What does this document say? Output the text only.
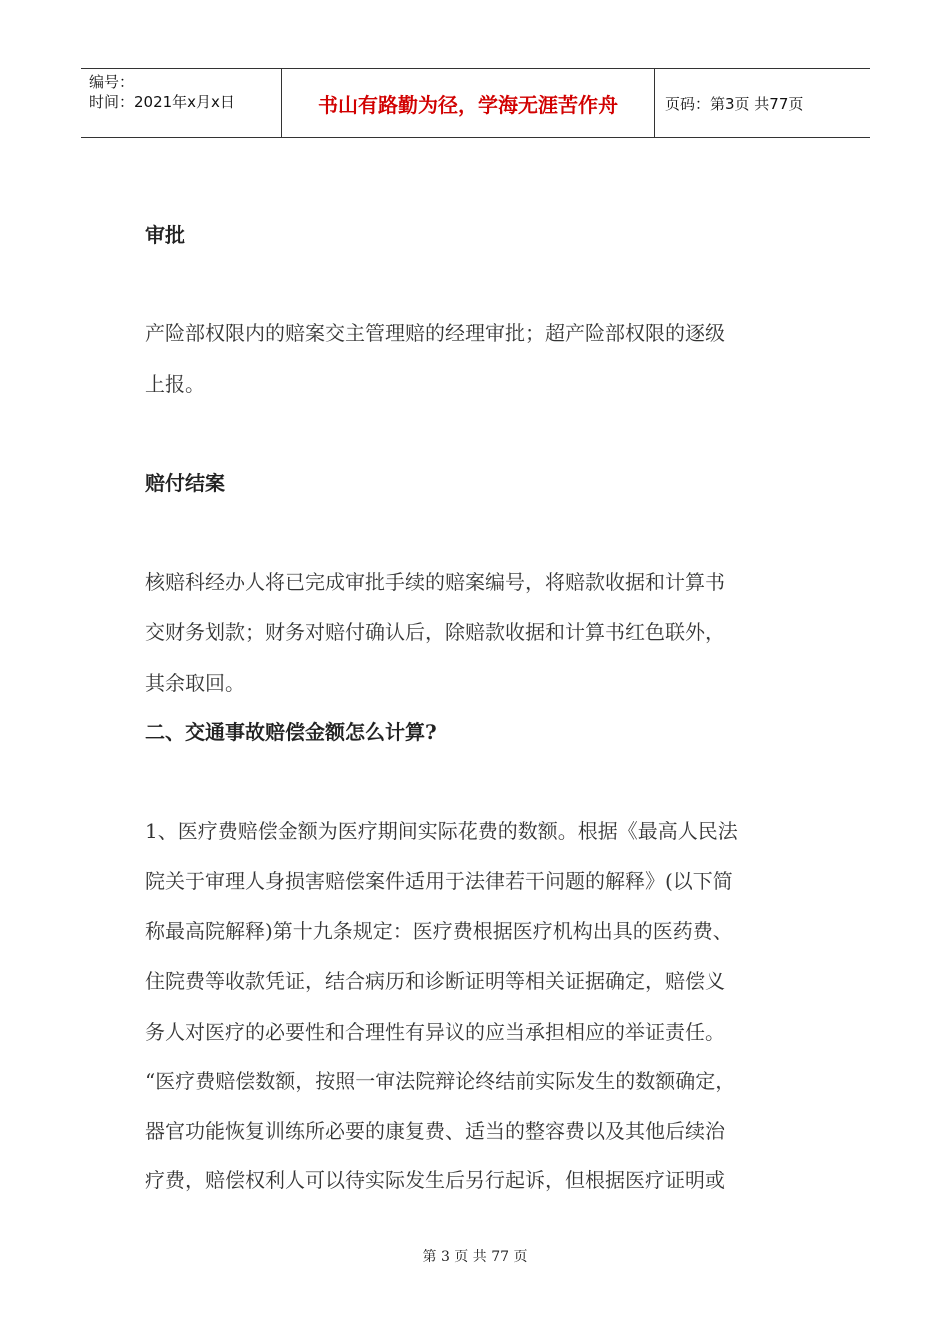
编号：
时间：2021年x月x日	书山有路勤为径，学海无涯苦作舟	页码：第3页 共77页
审批
产险部权限内的赔案交主管理赔的经理审批；超产险部权限的逐级
上报。
赔付结案
核赔科经办人将已完成审批手续的赔案编号，将赔款收据和计算书
交财务划款；财务对赔付确认后，除赔款收据和计算书红色联外，
其余取回。
二、交通事故赔偿金额怎么计算?
1、医疗费赔偿金额为医疗期间实际花费的数额。根据《最高人民法
院关于审理人身损害赔偿案件适用于法律若干问题的解释》(以下简
称最高院解释)第十九条规定：医疗费根据医疗机构出具的医药费、
住院费等收款凭证，结合病历和诊断证明等相关证据确定，赔偿义
务人对医疗的必要性和合理性有异议的应当承担相应的举证责任。
“医疗费赔偿数额，按照一审法院辩论终结前实际发生的数额确定，
器官功能恢复训练所必要的康复费、适当的整容费以及其他后续治
疗费，赔偿权利人可以待实际发生后另行起诉，但根据医疗证明或
第 3 页 共 77 页
